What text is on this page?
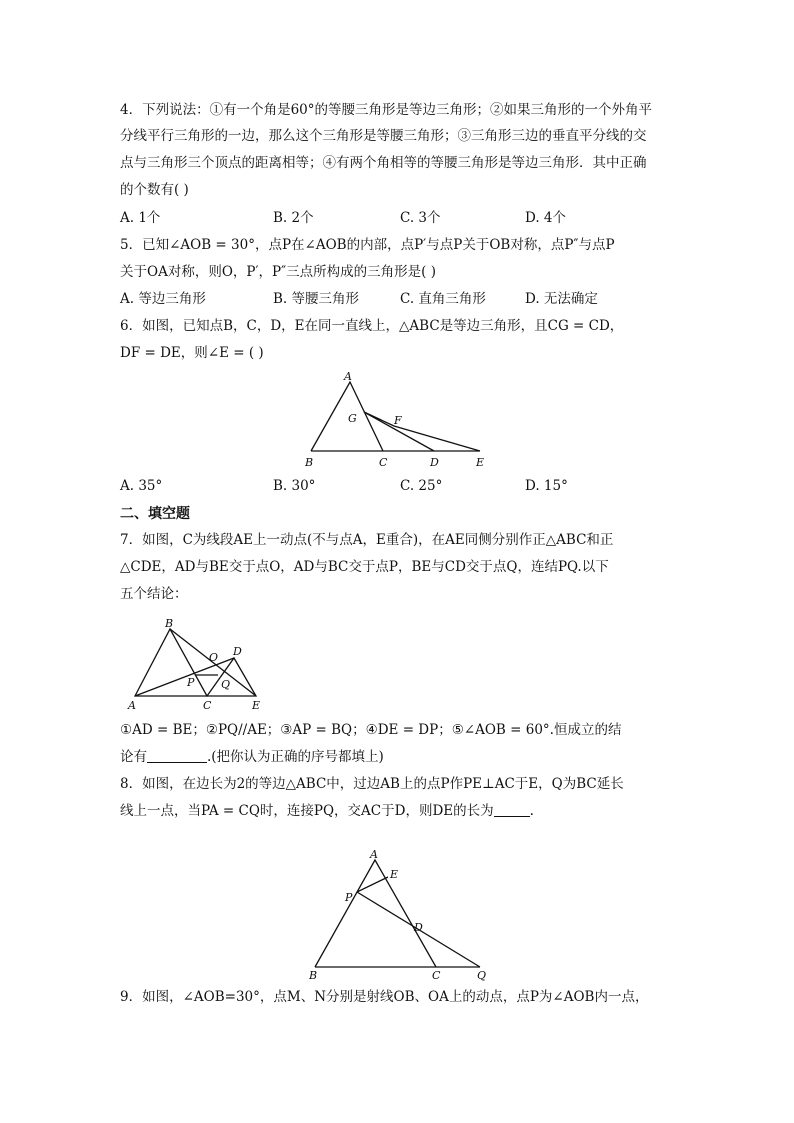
4．下列说法：①有一个角是60°的等腰三角形是等边三角形；②如果三角形的一个外角平
分线平行三角形的一边，那么这个三角形是等腰三角形；③三角形三边的垂直平分线的交
点与三角形三个顶点的距离相等；④有两个角相等的等腰三角形是等边三角形．其中正确
的个数有( )
A. 1个	B. 2个	C. 3个	D. 4个
5．已知∠AOB = 30°，点P在∠AOB的内部，点P′与点P关于OB对称，点P″与点P
关于OA对称，则O，P′，P″三点所构成的三角形是( )
A. 等边三角形	B. 等腰三角形	C. 直角三角形	D. 无法确定
6．如图，已知点B，C，D，E在同一直线上，△ABC是等边三角形，且CG = CD，
DF = DE，则∠E = ( )
A
B	C	D	E
F
G
A. 35°	B. 30°	C. 25°	D. 15°
二、填空题
7．如图，C为线段AE上一动点(不与点A，E重合)，在AE同侧分别作正△ABC和正
△CDE，AD与BE交于点O，AD与BC交于点P，BE与CD交于点Q，连结PQ.以下
五个结论：
A
B
C
D
E
O
P Q
①AD = BE；②PQ//AE；③AP = BQ；④DE = DP；⑤∠AOB = 60°.恒成立的结
论有	.(把你认为正确的序号都填上)
8．如图，在边长为2的等边△ABC中，过边AB上的点P作PE⊥AC于E，Q为BC延长
线上一点，当PA = CQ时，连接PQ，交AC于D，则DE的长为	.
A
B	C
D
E
P
Q
9．如图，∠AOB=30°，点M、N分别是射线OB、OA上的动点，点P为∠AOB内一点，
